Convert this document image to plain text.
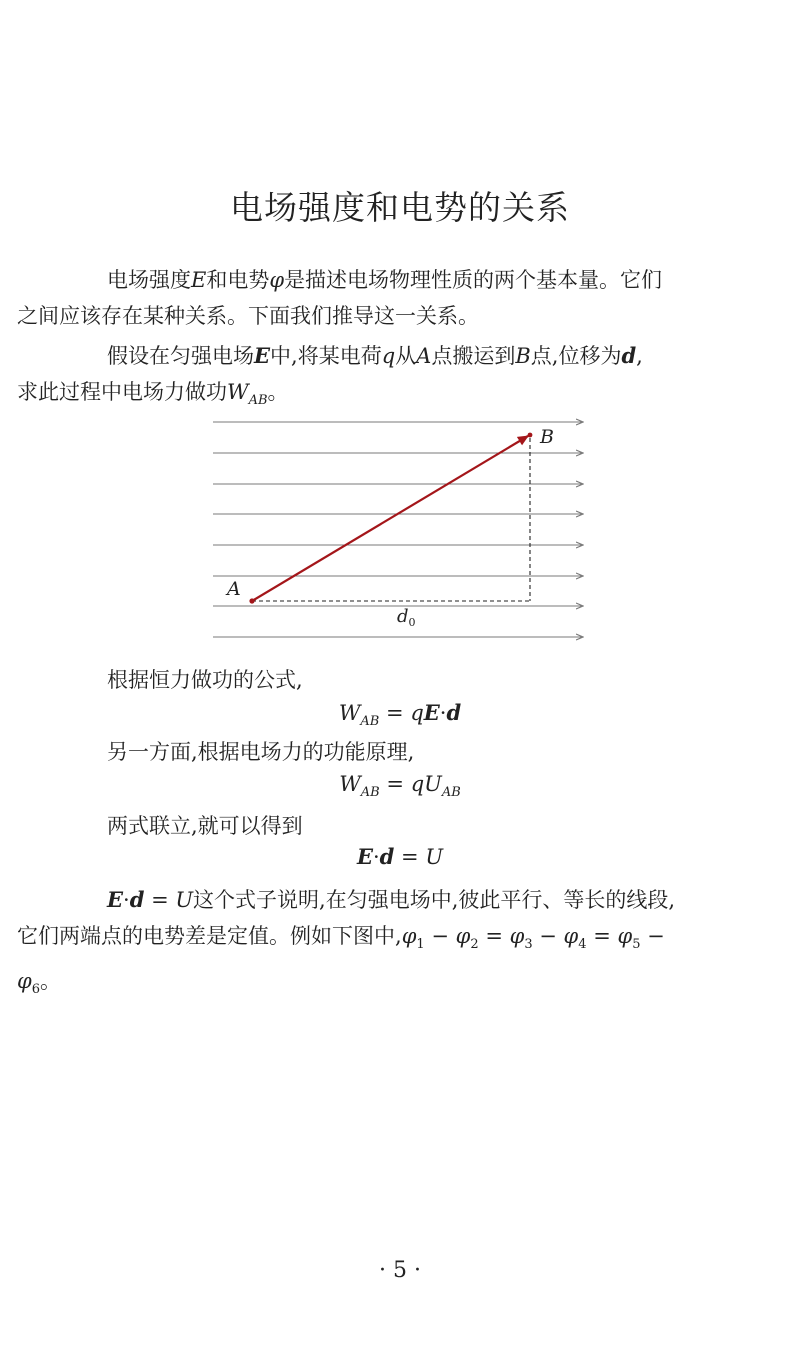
电场强度和电势的关系
电场强度E和电势φ是描述电场物理性质的两个基本量。它们
之间应该存在某种关系。下面我们推导这一关系。
假设在匀强电场E中,将某电荷q从A点搬运到B点,位移为d,
求此过程中电场力做功$W_{AB}$。
A
B
$d_0$
根据恒力做功的公式,
$W_{AB} = qE\cdot d$
另一方面,根据电场力的功能原理,
$W_{AB} = qU_{AB}$
两式联立,就可以得到
E·d = U
E·d = U这个式子说明,在匀强电场中,彼此平行、等长的线段,
它们两端点的电势差是定值。例如下图中$,\varphi_1 - \varphi_2 = \varphi_3 - \varphi_4 = \varphi_5$ −
$\varphi_6$。
· 5 ·
